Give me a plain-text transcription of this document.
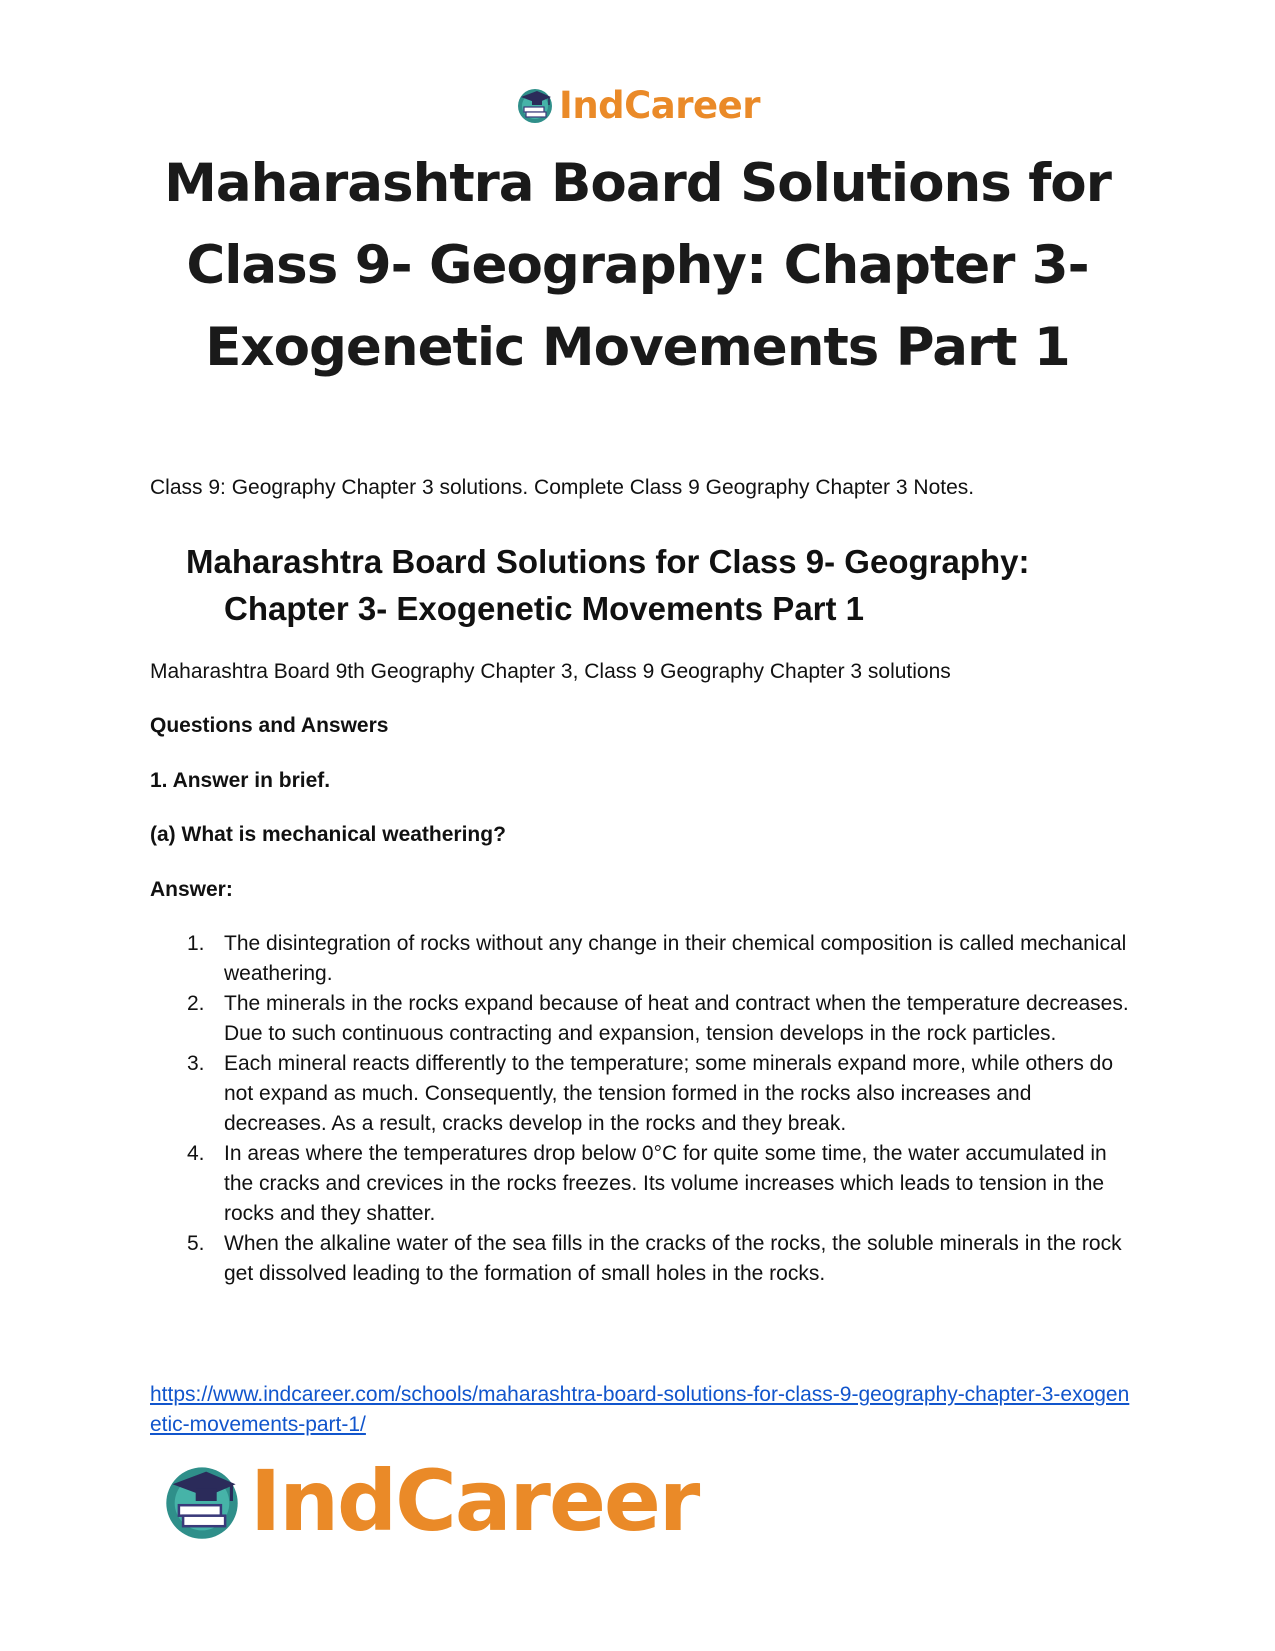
IndCareer
Maharashtra Board Solutions for Class 9- Geography: Chapter 3- Exogenetic Movements Part 1

Class 9: Geography Chapter 3 solutions. Complete Class 9 Geography Chapter 3 Notes.

Maharashtra Board Solutions for Class 9- Geography:
Chapter 3- Exogenetic Movements Part 1

Maharashtra Board 9th Geography Chapter 3, Class 9 Geography Chapter 3 solutions

Questions and Answers

1. Answer in brief.

(a) What is mechanical weathering?

Answer:

1. The disintegration of rocks without any change in their chemical composition is called mechanical weathering.
2. The minerals in the rocks expand because of heat and contract when the temperature decreases. Due to such continuous contracting and expansion, tension develops in the rock particles.
3. Each mineral reacts differently to the temperature; some minerals expand more, while others do not expand as much. Consequently, the tension formed in the rocks also increases and decreases. As a result, cracks develop in the rocks and they break.
4. In areas where the temperatures drop below 0°C for quite some time, the water accumulated in the cracks and crevices in the rocks freezes. Its volume increases which leads to tension in the rocks and they shatter.
5. When the alkaline water of the sea fills in the cracks of the rocks, the soluble minerals in the rock get dissolved leading to the formation of small holes in the rocks.
https://www.indcareer.com/schools/maharashtra-board-solutions-for-class-9-geography-chapter-3-exogenetic-movements-part-1/
IndCareer
